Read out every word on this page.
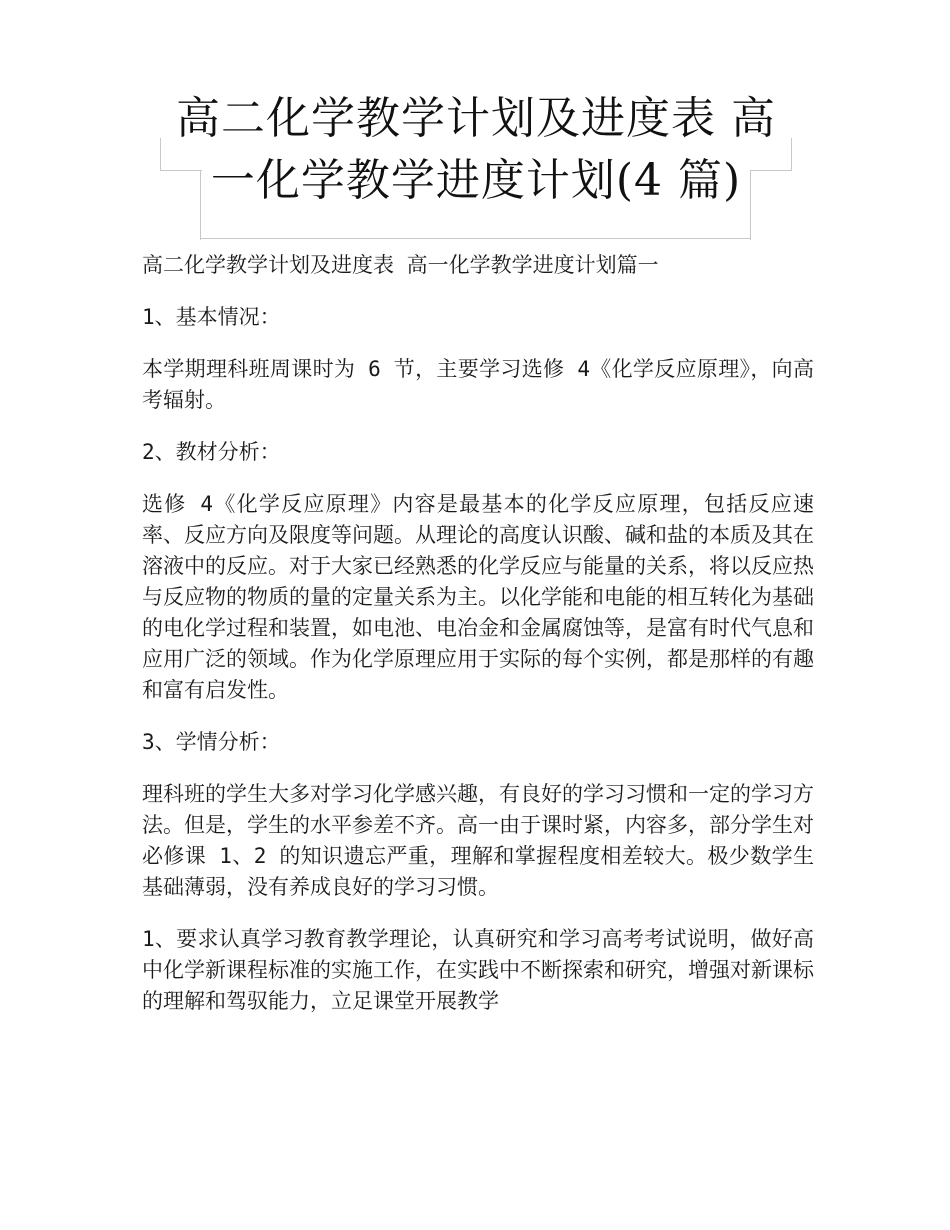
高二化学教学计划及进度表 高
一化学教学进度计划(4 篇)

高二化学教学计划及进度表 高一化学教学进度计划篇一

1、基本情况：

本学期理科班周课时为 6 节，主要学习选修 4《化学反应原理》，向高考辐射。

2、教材分析：

选修 4《化学反应原理》内容是最基本的化学反应原理，包括反应速率、反应方向及限度等问题。从理论的高度认识酸、碱和盐的本质及其在溶液中的反应。对于大家已经熟悉的化学反应与能量的关系，将以反应热与反应物的物质的量的定量关系为主。以化学能和电能的相互转化为基础的电化学过程和装置，如电池、电冶金和金属腐蚀等，是富有时代气息和应用广泛的领域。作为化学原理应用于实际的每个实例，都是那样的有趣和富有启发性。

3、学情分析：

理科班的学生大多对学习化学感兴趣，有良好的学习习惯和一定的学习方法。但是，学生的水平参差不齐。高一由于课时紧，内容多，部分学生对必修课 1、2 的知识遗忘严重，理解和掌握程度相差较大。极少数学生基础薄弱，没有养成良好的学习习惯。

1、要求认真学习教育教学理论，认真研究和学习高考考试说明，做好高中化学新课程标准的实施工作，在实践中不断探索和研究，增强对新课标的理解和驾驭能力，立足课堂开展教学
